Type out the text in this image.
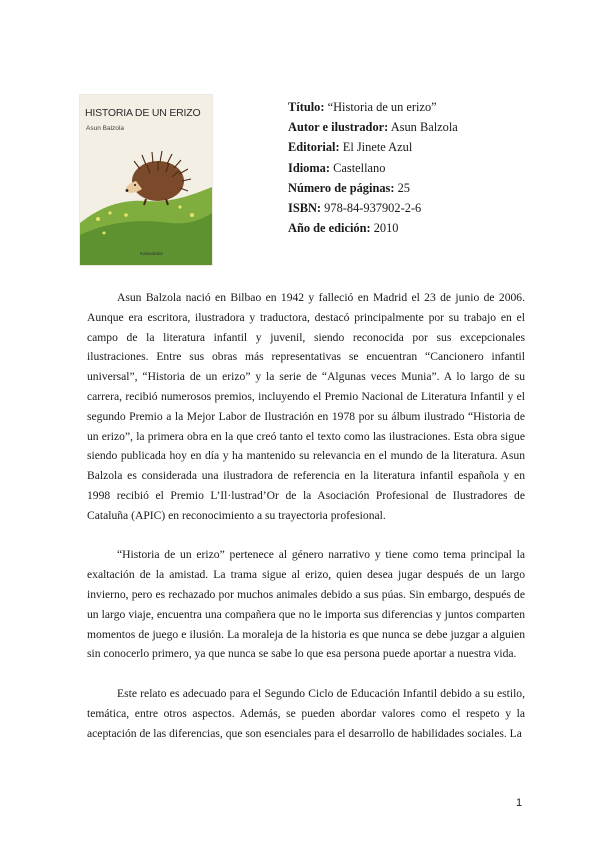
HISTORIA DE UN ERIZO
Asun Balzola
Kalandraka
Título: “Historia de un erizo”
Autor e ilustrador: Asun Balzola
Editorial: El Jinete Azul
Idioma: Castellano
Número de páginas: 25
ISBN: 978-84-937902-2-6
Año de edición: 2010

Asun Balzola nació en Bilbao en 1942 y falleció en Madrid el 23 de junio de 2006. Aunque era escritora, ilustradora y traductora, destacó principalmente por su trabajo en el campo de la literatura infantil y juvenil, siendo reconocida por sus excepcionales ilustraciones. Entre sus obras más representativas se encuentran “Cancionero infantil universal”, “Historia de un erizo” y la serie de “Algunas veces Munia”. A lo largo de su carrera, recibió numerosos premios, incluyendo el Premio Nacional de Literatura Infantil y el segundo Premio a la Mejor Labor de Ilustración en 1978 por su álbum ilustrado “Historia de un erizo”, la primera obra en la que creó tanto el texto como las ilustraciones. Esta obra sigue siendo publicada hoy en día y ha mantenido su relevancia en el mundo de la literatura. Asun Balzola es considerada una ilustradora de referencia en la literatura infantil española y en 1998 recibió el Premio L’Il·lustrad’Or de la Asociación Profesional de Ilustradores de Cataluña (APIC) en reconocimiento a su trayectoria profesional.

“Historia de un erizo” pertenece al género narrativo y tiene como tema principal la exaltación de la amistad. La trama sigue al erizo, quien desea jugar después de un largo invierno, pero es rechazado por muchos animales debido a sus púas. Sin embargo, después de un largo viaje, encuentra una compañera que no le importa sus diferencias y juntos comparten momentos de juego e ilusión. La moraleja de la historia es que nunca se debe juzgar a alguien sin conocerlo primero, ya que nunca se sabe lo que esa persona puede aportar a nuestra vida.

Este relato es adecuado para el Segundo Ciclo de Educación Infantil debido a su estilo, temática, entre otros aspectos. Además, se pueden abordar valores como el respeto y la aceptación de las diferencias, que son esenciales para el desarrollo de habilidades sociales. La

1
